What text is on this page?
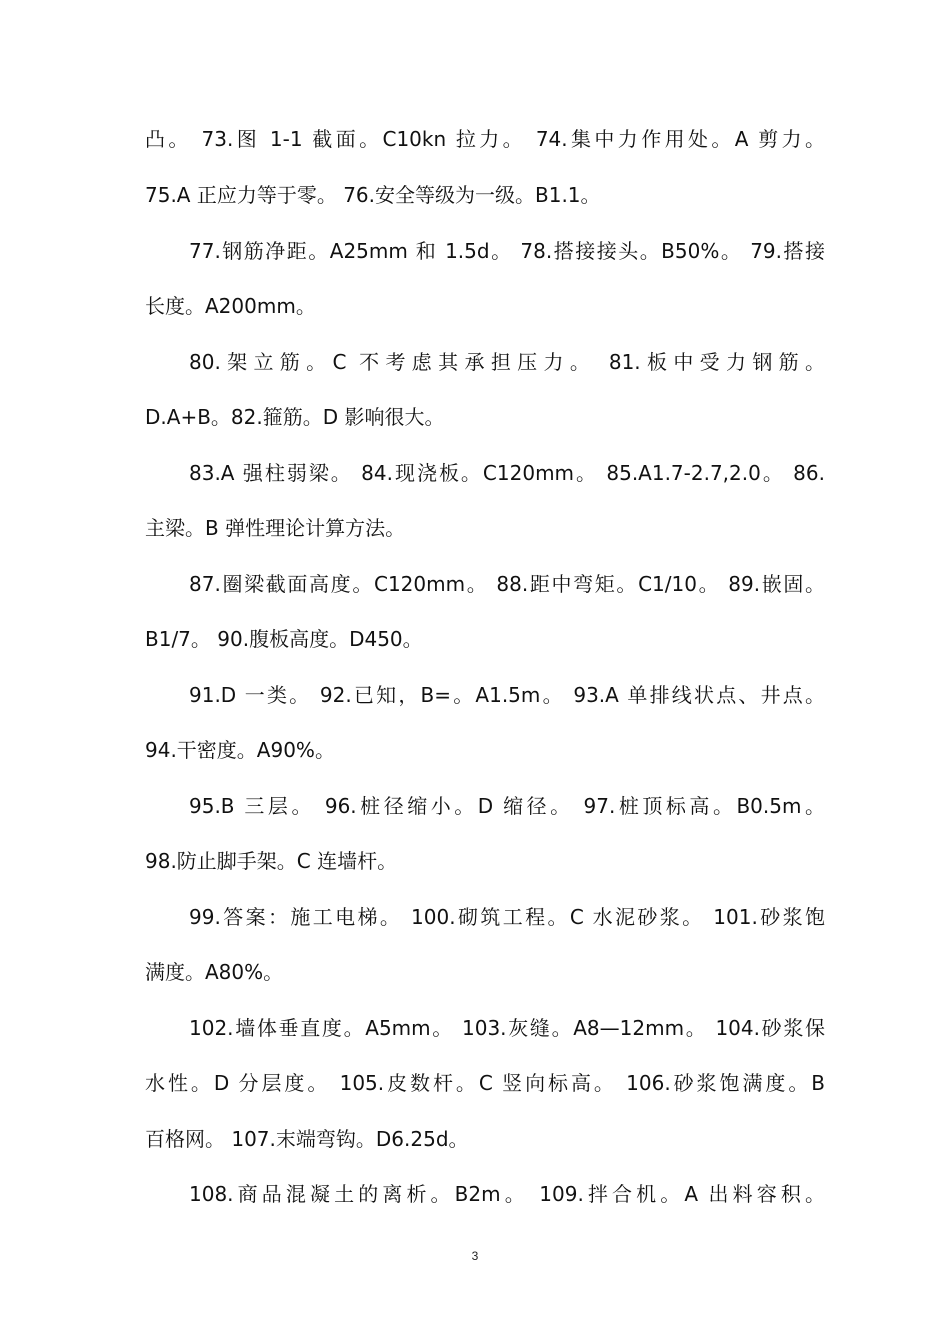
凸。 73.图 1-1 截面。C10kn 拉力。 74.集中力作用处。A 剪力。
75.A 正应力等于零。 76.安全等级为一级。B1.1。
77.钢筋净距。A25mm 和 1.5d。 78.搭接接头。B50%。 79.搭接
长度。A200mm。
80.架立筋。C 不考虑其承担压力。 81.板中受力钢筋。
D.A+B。82.箍筋。D 影响很大。
83.A 强柱弱梁。 84.现浇板。C120mm。 85.A1.7-2.7,2.0。 86.
主梁。B 弹性理论计算方法。
87.圈梁截面高度。C120mm。 88.距中弯矩。C1/10。 89.嵌固。
B1/7。 90.腹板高度。D450。
91.D 一类。 92.已知，B=。A1.5m。 93.A 单排线状点、井点。
94.干密度。A90%。
95.B 三层。 96.桩径缩小。D 缩径。 97.桩顶标高。B0.5m。
98.防止脚手架。C 连墙杆。
99.答案：施工电梯。 100.砌筑工程。C 水泥砂浆。 101.砂浆饱
满度。A80%。
102.墙体垂直度。A5mm。 103.灰缝。A8—12mm。 104.砂浆保
水性。D 分层度。 105.皮数杆。C 竖向标高。 106.砂浆饱满度。B
百格网。 107.末端弯钩。D6.25d。
108.商品混凝土的离析。B2m。 109.拌合机。A 出料容积。
3
